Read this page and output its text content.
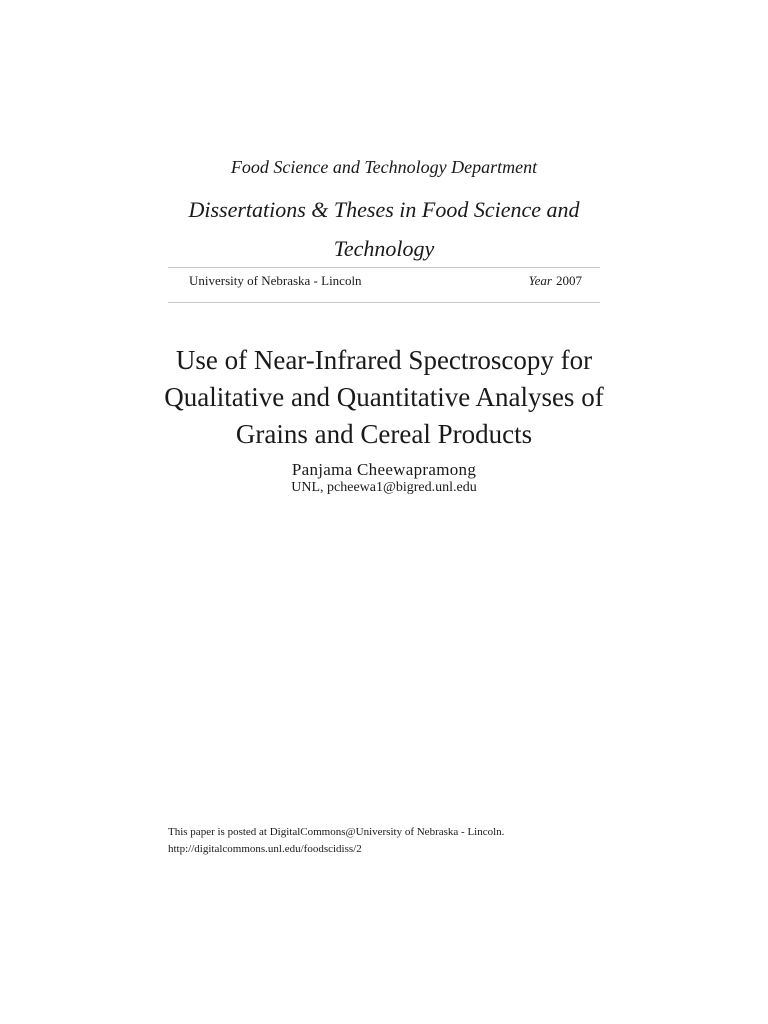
Food Science and Technology Department
Dissertations & Theses in Food Science and
Technology
University of Nebraska - Lincoln	Year 2007
Use of Near-Infrared Spectroscopy for
Qualitative and Quantitative Analyses of
Grains and Cereal Products
Panjama Cheewapramong
UNL, pcheewa1@bigred.unl.edu
This paper is posted at DigitalCommons@University of Nebraska - Lincoln.
http://digitalcommons.unl.edu/foodscidiss/2
